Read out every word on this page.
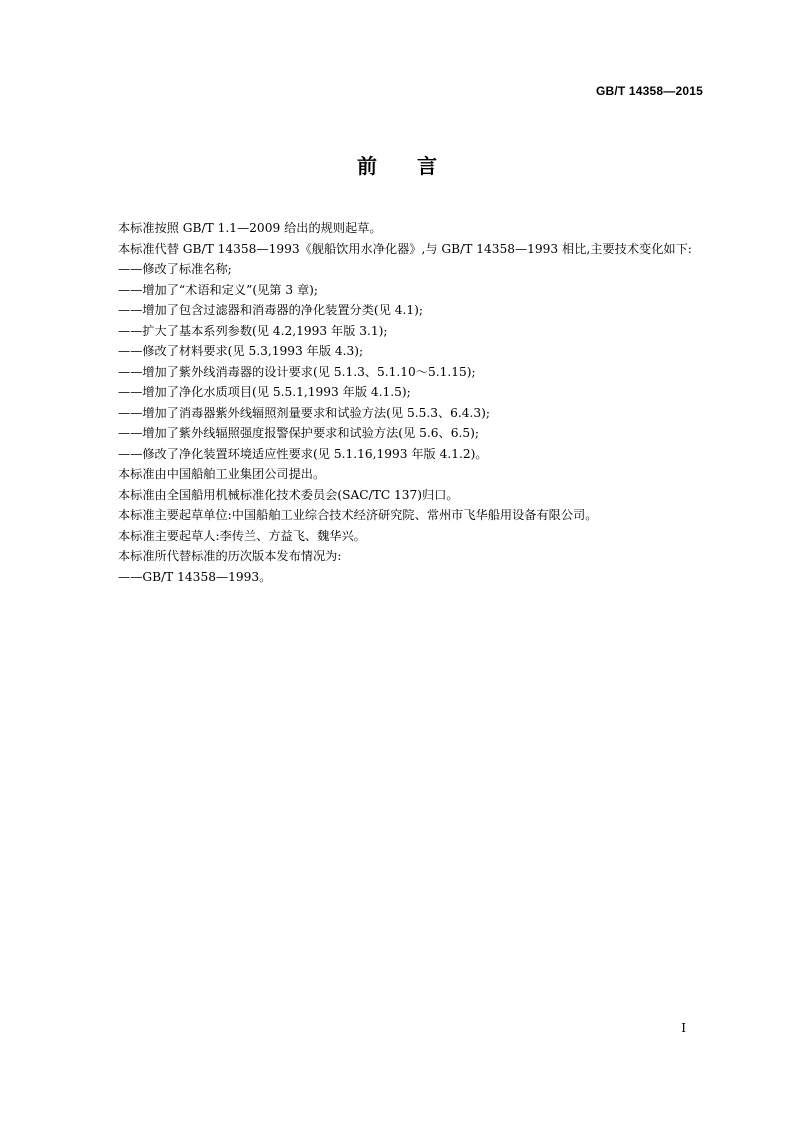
GB/T 14358—2015
前言

本标准按照 GB/T 1.1—2009 给出的规则起草。

本标准代替 GB/T 14358—1993《舰船饮用水净化器》,与 GB/T 14358—1993 相比,主要技术变化如下:

——修改了标准名称;

——增加了“术语和定义”(见第 3 章);

——增加了包含过滤器和消毒器的净化装置分类(见 4.1);

——扩大了基本系列参数(见 4.2,1993 年版 3.1);

——修改了材料要求(见 5.3,1993 年版 4.3);

——增加了紫外线消毒器的设计要求(见 5.1.3、5.1.10～5.1.15);

——增加了净化水质项目(见 5.5.1,1993 年版 4.1.5);

——增加了消毒器紫外线辐照剂量要求和试验方法(见 5.5.3、6.4.3);

——增加了紫外线辐照强度报警保护要求和试验方法(见 5.6、6.5);

——修改了净化装置环境适应性要求(见 5.1.16,1993 年版 4.1.2)。

本标准由中国船舶工业集团公司提出。

本标准由全国船用机械标准化技术委员会(SAC/TC 137)归口。

本标准主要起草单位:中国船舶工业综合技术经济研究院、常州市飞华船用设备有限公司。

本标准主要起草人:李传兰、方益飞、魏华兴。

本标准所代替标准的历次版本发布情况为:

——GB/T 14358—1993。

I
